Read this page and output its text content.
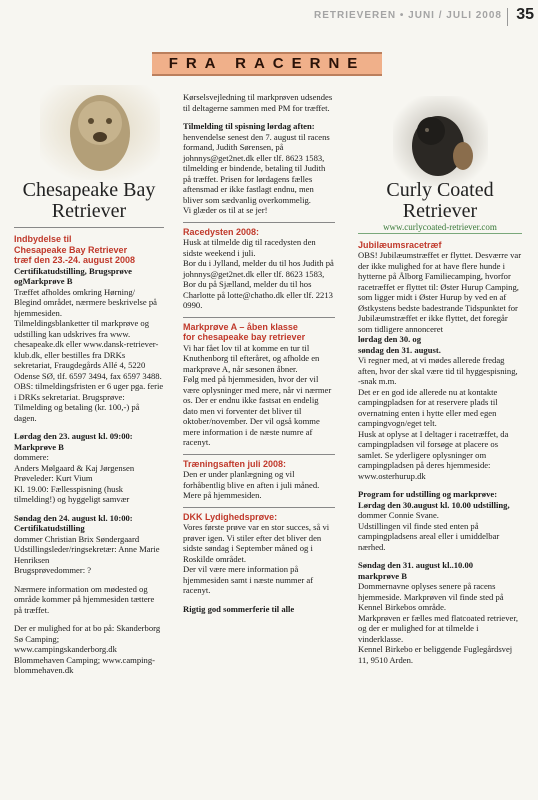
RETRIEVEREN • JUNI / JULI 2008 35
FRA RACERNE
Chesapeake Bay
Retriever

Indbydelse til

Chesapeake Bay Retriever

træf den 23.-24. august 2008

Certifikatudstilling, Brugsprøve

ogMarkprøve B

Træffet afholdes omkring Hørning/ Blegind området, nærmere beskrivelse på hjemmesiden.

Tilmeldingsblanketter til markprøve og udstilling kan udskrives fra www. chesapeake.dk eller www.dansk-retriever-klub.dk, eller bestilles fra DRKs sekretariat, Fraugdegårds Allé 4, 5220 Odense SØ, tlf. 6597 3494, fax 6597 3488.

OBS: tilmeldingsfristen er 6 uger pga. ferie i DRKs sekretariat. Brugsprøve: Tilmelding og betaling (kr. 100,-) på dagen.

Lørdag den 23. august kl. 09:00:

Markprøve B

dommere:

Anders Mølgaard & Kaj Jørgensen

Prøveleder: Kurt Vium

Kl. 19.00: Fællesspisning (husk tilmelding!) og hyggeligt samvær

Søndag den 24. august kl. 10:00:

Certifikatudstilling

dommer Christian Brix Søndergaard Udstillingsleder/ringsekretær: Anne Marie Henriksen

Brugsprøvedommer: ?

Nærmere information om mødested og område kommer på hjemmesiden tættere på træffet.

Der er mulighed for at bo på: Skanderborg Sø Camping; www.campingskanderborg.dk

Blommehaven Camping; www.camping-blommehaven.dk

Kørselsvejledning til markprøven udsendes til deltagerne sammen med PM for træffet.

Tilmelding til spisning lørdag aften:

henvendelse senest den 7. august til racens formand, Judith Sørensen, på johnnys@get2net.dk eller tlf. 8623 1583, tilmelding er bindende, betaling til Judith på træffet. Prisen for lørdagens fælles aftensmad er ikke fastlagt endnu, men bliver som sædvanlig overkommelig.

Vi glæder os til at se jer!

Racedysten 2008:

Husk at tilmelde dig til racedysten den sidste weekend i juli.

Bor du i Jylland, melder du til hos Judith på johnnys@get2net.dk eller tlf. 8623 1583,

Bor du på Sjælland, melder du til hos Charlotte på lotte@chatho.dk eller tlf. 2213 0990.

Markprøve A – åben klasse

for chesapeake bay retriever

Vi har fået lov til at komme en tur til Knuthenborg til efteråret, og afholde en markprøve A, når sæsonen åbner.

Følg med på hjemmesiden, hvor der vil være oplysninger med mere, når vi nærmer os. Der er endnu ikke fastsat en endelig dato men vi forventer det bliver til oktober/november. Der vil også komme mere information i de næste numre af racenyt.

Træningsaften juli 2008:

Den er under planlægning og vil forhåbentlig blive en aften i juli måned. Mere på hjemmesiden.

DKK Lydighedsprøve:

Vores første prøve var en stor succes, så vi prøver igen. Vi stiler efter det bliver den sidste søndag i September måned og i Roskilde området.

Der vil være mere information på hjemmesiden samt i næste nummer af racenyt.

Rigtig god sommerferie til alle

Curly Coated
Retriever
www.curlycoated-retriever.com

Jubilæumsracetræf

OBS! Jubilæumstræffet er flyttet. Desværre var der ikke mulighed for at have flere hunde i hytterne på Ålborg Familiecamping, hvorfor racetræffet er flyttet til: Øster Hurup Camping, som ligger midt i Øster Hurup by ved en af Østkystens bedste badestrande Tidspunktet for Jubilæumstræffet er ikke flyttet, det foregår som tidligere annonceret

lørdag den 30. og

søndag den 31. august.

Vi regner med, at vi mødes allerede fredag aften, hvor der skal være tid til hyggespisning, -snak m.m.

Det er en god ide allerede nu at kontakte campingpladsen for at reservere plads til overnatning enten i hytte eller med egen campingvogn/eget telt.

Husk at oplyse at I deltager i racetræffet, da campingpladsen vil forsøge at placere os samlet. Se yderligere oplysninger om campingpladsen på deres hjemmeside:

www.osterhurup.dk

Program for udstilling og markprøve:

Lørdag den 30.august kl. 10.00 udstilling,

dommer Connie Svane.

Udstillingen vil finde sted enten på campingpladsens areal eller i umiddelbar nærhed.

Søndag den 31. august kl..10.00

markprøve B

Dommernavne oplyses senere på racens hjemmeside. Markprøven vil finde sted på Kennel Birkebos område.

Markprøven er fælles med flatcoated retriever, og der er mulighed for at tilmelde i vinderklasse.

Kennel Birkebo er beliggende Fuglegårdsvej 11, 9510 Arden.
